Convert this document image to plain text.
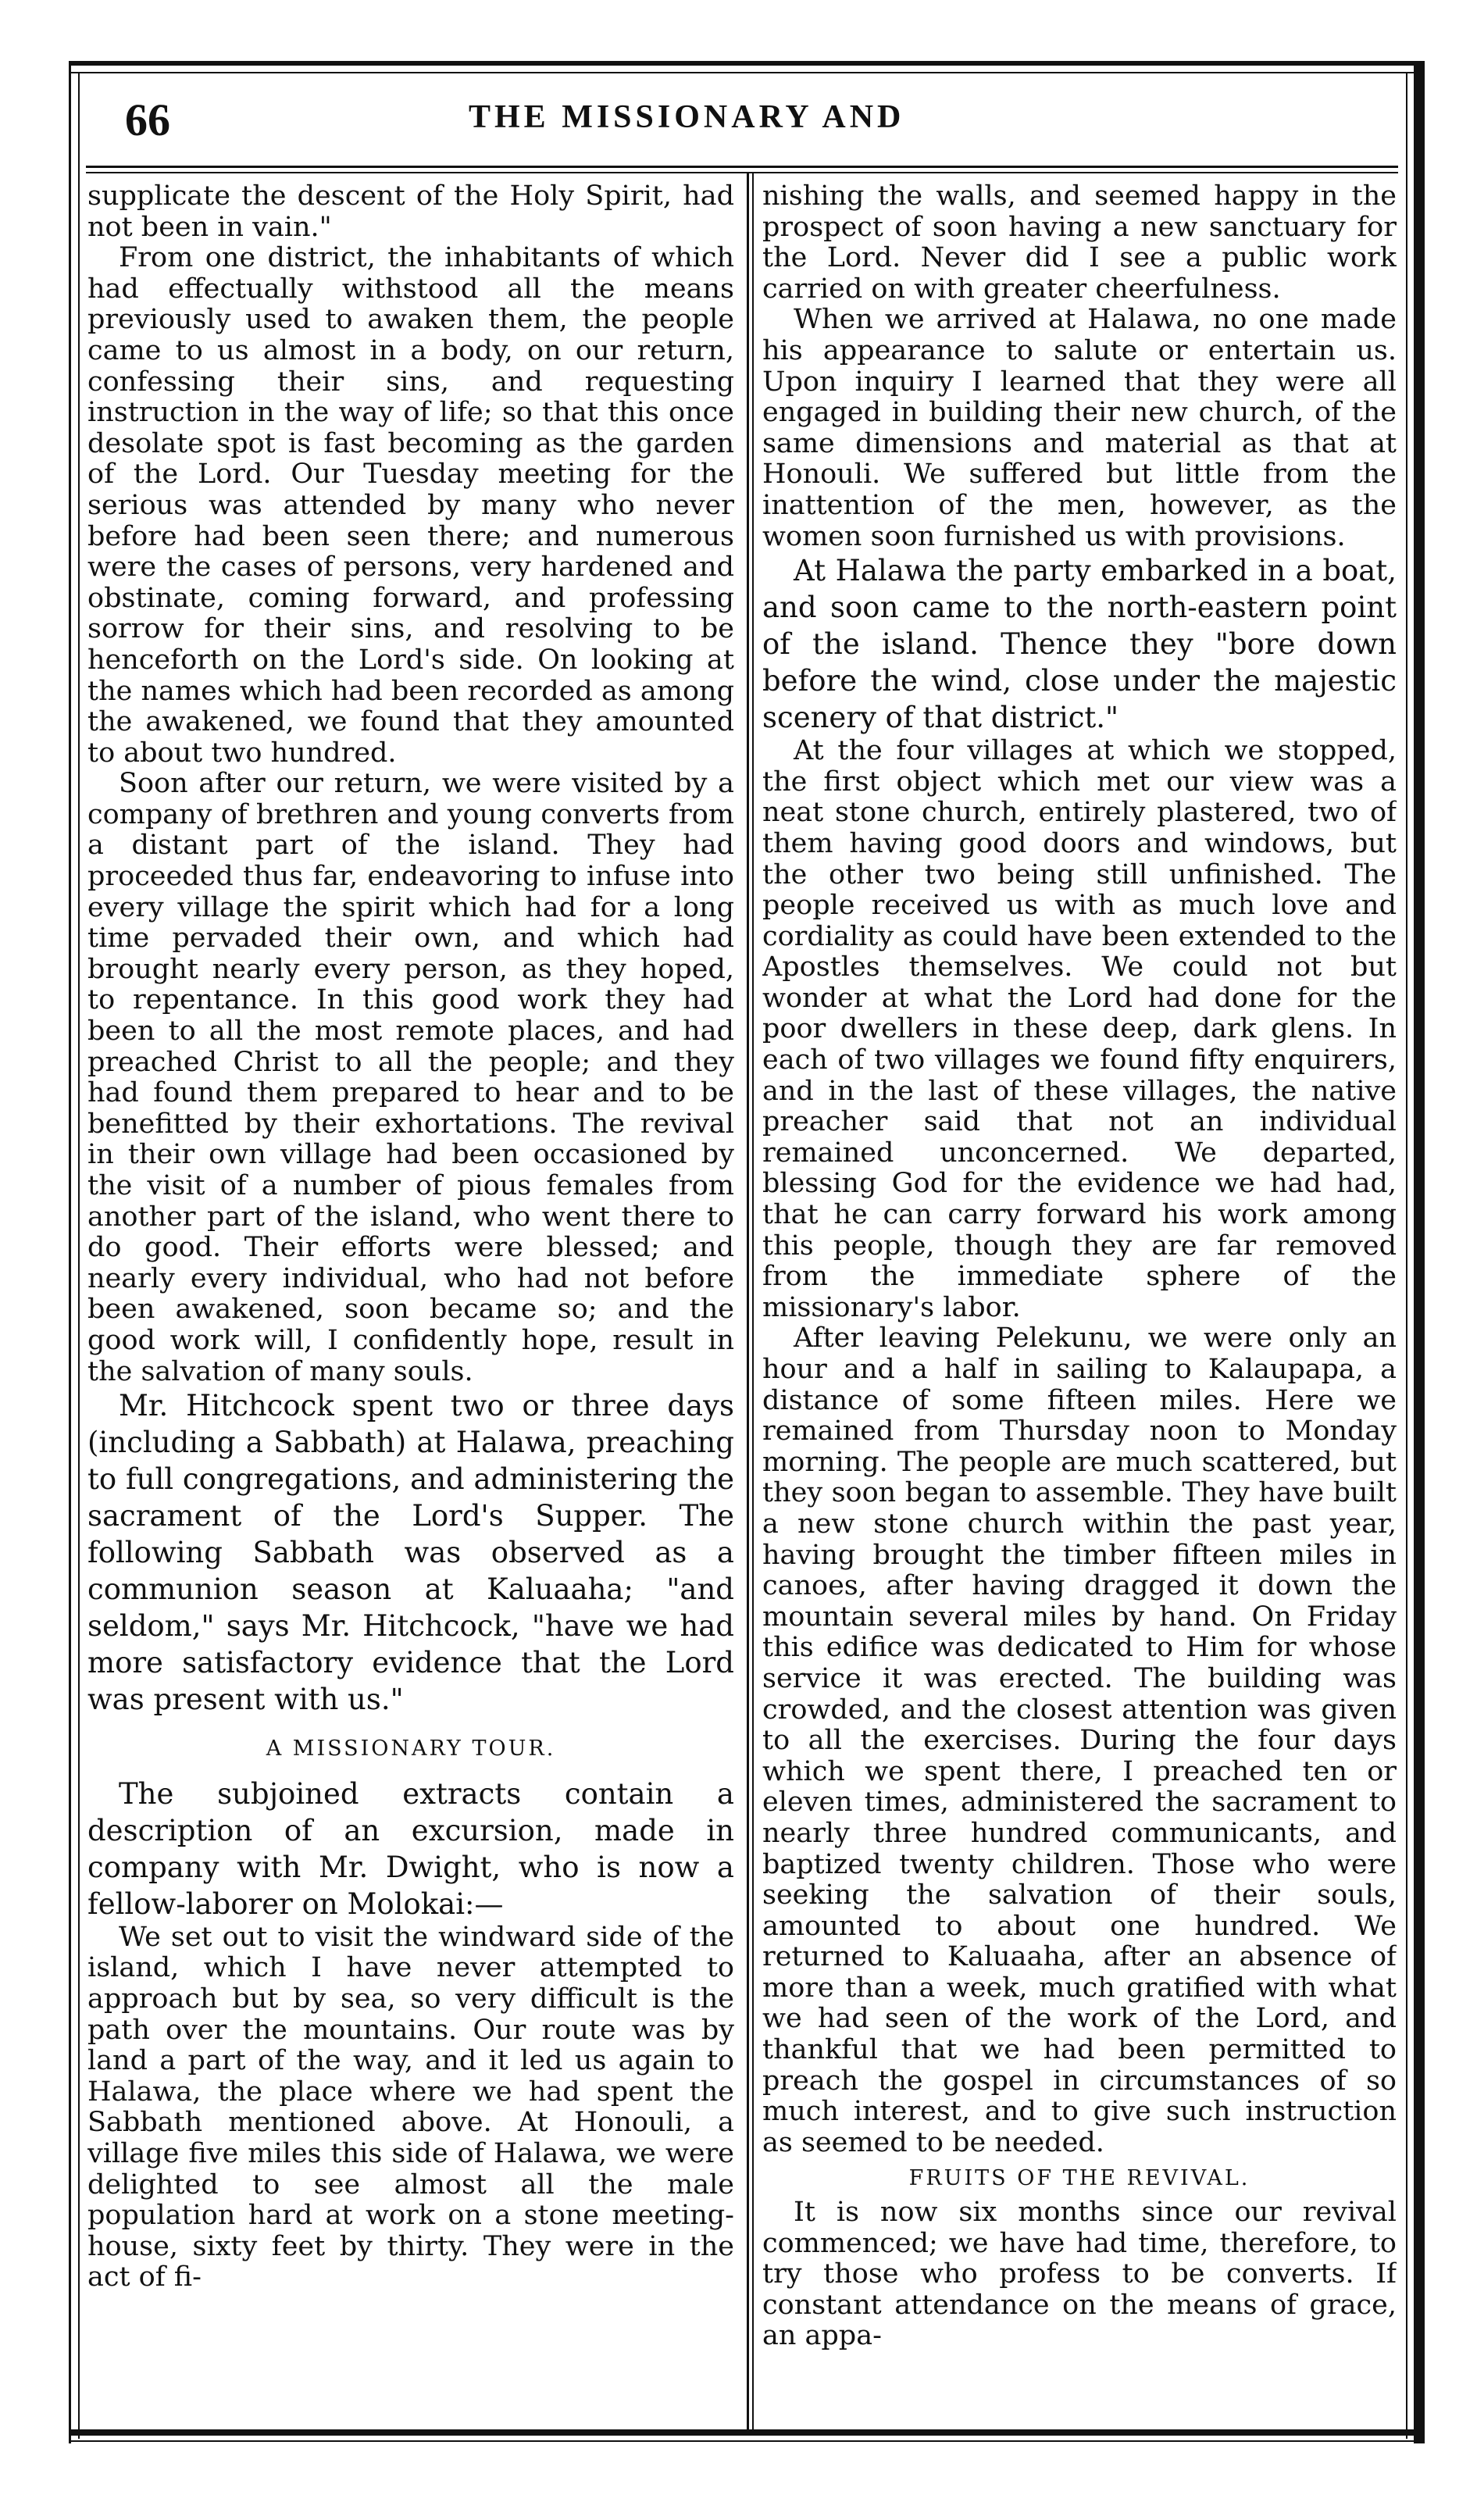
66	THE MISSIONARY AND

supplicate the descent of the Holy Spirit, had not been in vain."

From one district, the inhabitants of which had effectually withstood all the means previously used to awaken them, the people came to us almost in a body, on our return, confessing their sins, and requesting instruction in the way of life; so that this once desolate spot is fast becoming as the garden of the Lord. Our Tuesday meeting for the serious was attended by many who never before had been seen there; and numerous were the cases of persons, very hardened and obstinate, coming forward, and professing sorrow for their sins, and resolving to be henceforth on the Lord's side. On looking at the names which had been recorded as among the awakened, we found that they amounted to about two hundred.

Soon after our return, we were visited by a company of brethren and young converts from a distant part of the island. They had proceeded thus far, endeavoring to infuse into every village the spirit which had for a long time pervaded their own, and which had brought nearly every person, as they hoped, to repentance. In this good work they had been to all the most remote places, and had preached Christ to all the people; and they had found them prepared to hear and to be benefitted by their exhortations. The revival in their own village had been occasioned by the visit of a number of pious females from another part of the island, who went there to do good. Their efforts were blessed; and nearly every individual, who had not before been awakened, soon became so; and the good work will, I confidently hope, result in the salvation of many souls.

Mr. Hitchcock spent two or three days (including a Sabbath) at Halawa, preaching to full congregations, and administering the sacrament of the Lord's Supper. The following Sabbath was observed as a communion season at Kaluaaha; "and seldom," says Mr. Hitchcock, "have we had more satisfactory evidence that the Lord was present with us."

A MISSIONARY TOUR.

The subjoined extracts contain a description of an excursion, made in company with Mr. Dwight, who is now a fellow-laborer on Molokai:—

We set out to visit the windward side of the island, which I have never attempted to approach but by sea, so very difficult is the path over the mountains. Our route was by land a part of the way, and it led us again to Halawa, the place where we had spent the Sabbath mentioned above. At Honouli, a village five miles this side of Halawa, we were delighted to see almost all the male population hard at work on a stone meeting-house, sixty feet by thirty. They were in the act of fi-

nishing the walls, and seemed happy in the prospect of soon having a new sanctuary for the Lord. Never did I see a public work carried on with greater cheerfulness.

When we arrived at Halawa, no one made his appearance to salute or entertain us. Upon inquiry I learned that they were all engaged in building their new church, of the same dimensions and material as that at Honouli. We suffered but little from the inattention of the men, however, as the women soon furnished us with provisions.

At Halawa the party embarked in a boat, and soon came to the north-eastern point of the island. Thence they "bore down before the wind, close under the majestic scenery of that district."

At the four villages at which we stopped, the first object which met our view was a neat stone church, entirely plastered, two of them having good doors and windows, but the other two being still unfinished. The people received us with as much love and cordiality as could have been extended to the Apostles themselves. We could not but wonder at what the Lord had done for the poor dwellers in these deep, dark glens. In each of two villages we found fifty enquirers, and in the last of these villages, the native preacher said that not an individual remained unconcerned. We departed, blessing God for the evidence we had had, that he can carry forward his work among this people, though they are far removed from the immediate sphere of the missionary's labor.

After leaving Pelekunu, we were only an hour and a half in sailing to Kalaupapa, a distance of some fifteen miles. Here we remained from Thursday noon to Monday morning. The people are much scattered, but they soon began to assemble. They have built a new stone church within the past year, having brought the timber fifteen miles in canoes, after having dragged it down the mountain several miles by hand. On Friday this edifice was dedicated to Him for whose service it was erected. The building was crowded, and the closest attention was given to all the exercises. During the four days which we spent there, I preached ten or eleven times, administered the sacrament to nearly three hundred communicants, and baptized twenty children. Those who were seeking the salvation of their souls, amounted to about one hundred. We returned to Kaluaaha, after an absence of more than a week, much gratified with what we had seen of the work of the Lord, and thankful that we had been permitted to preach the gospel in circumstances of so much interest, and to give such instruction as seemed to be needed.

FRUITS OF THE REVIVAL.

It is now six months since our revival commenced; we have had time, therefore, to try those who profess to be converts. If constant attendance on the means of grace, an appa-
